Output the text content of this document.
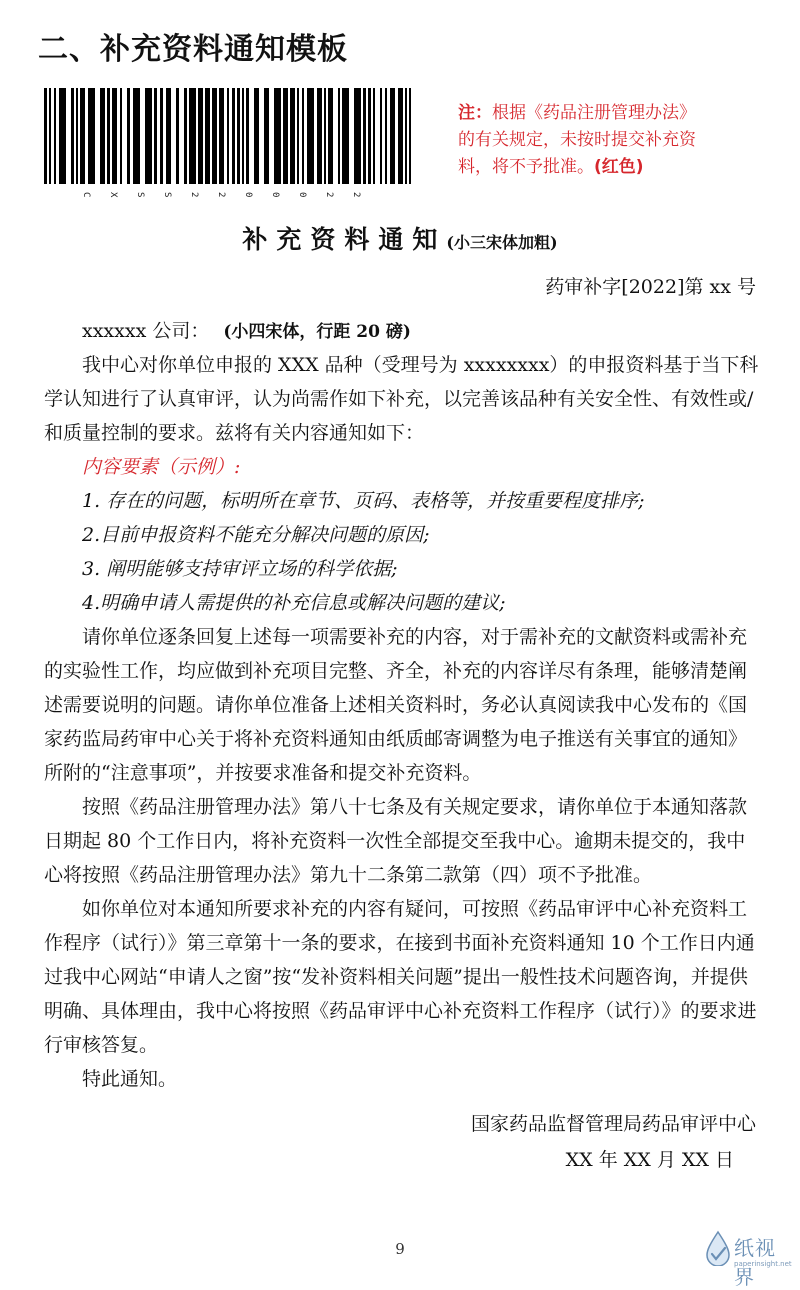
二、补充资料通知模板
C X S S 2 2 0 0 0 2 2
注：根据《药品注册管理办法》
的有关规定，未按时提交补充资
料，将不予批准。(红色)
补充资料通知(小三宋体加粗)
药审补字[2022]第 xx 号
xxxxxx 公司： (小四宋体，行距 20 磅)

我中心对你单位申报的 XXX 品种（受理号为 xxxxxxxx）的申报资料基于当下科学认知进行了认真审评，认为尚需作如下补充，以完善该品种有关安全性、有效性或/和质量控制的要求。兹将有关内容通知如下：

内容要素（示例）:

1. 存在的问题，标明所在章节、页码、表格等，并按重要程度排序;

2.目前申报资料不能充分解决问题的原因;

3. 阐明能够支持审评立场的科学依据;

4.明确申请人需提供的补充信息或解决问题的建议;

请你单位逐条回复上述每一项需要补充的内容，对于需补充的文献资料或需补充的实验性工作，均应做到补充项目完整、齐全，补充的内容详尽有条理，能够清楚阐述需要说明的问题。请你单位准备上述相关资料时，务必认真阅读我中心发布的《国家药监局药审中心关于将补充资料通知由纸质邮寄调整为电子推送有关事宜的通知》所附的“注意事项”，并按要求准备和提交补充资料。

按照《药品注册管理办法》第八十七条及有关规定要求，请你单位于本通知落款日期起 80 个工作日内，将补充资料一次性全部提交至我中心。逾期未提交的，我中心将按照《药品注册管理办法》第九十二条第二款第（四）项不予批准。

如你单位对本通知所要求补充的内容有疑问，可按照《药品审评中心补充资料工作程序（试行）》第三章第十一条的要求，在接到书面补充资料通知 10 个工作日内通过我中心网站“申请人之窗”按“发补资料相关问题”提出一般性技术问题咨询，并提供明确、具体理由，我中心将按照《药品审评中心补充资料工作程序（试行）》的要求进行审核答复。

特此通知。

国家药品监督管理局药品审评中心
XX 年 XX 月 XX 日
9	纸视界
paperinsight.net
